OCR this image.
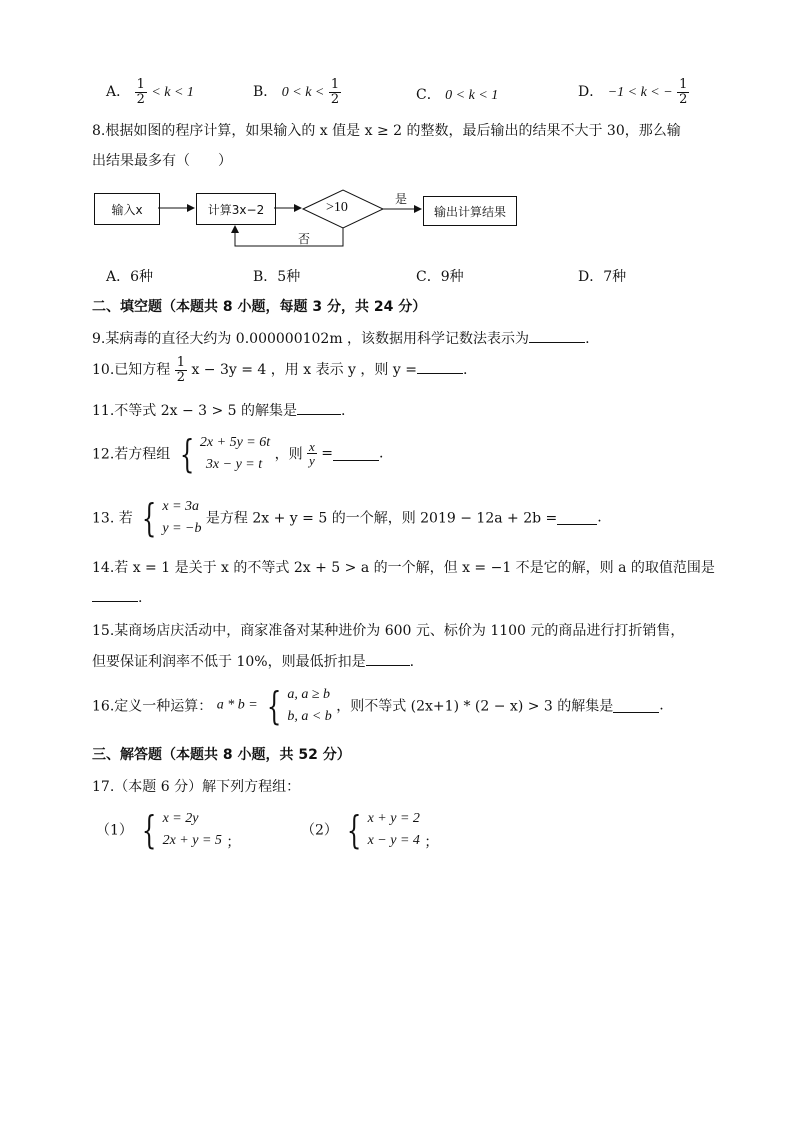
A． $\frac{1}{2} < k < 1$	B． $0 < k < \frac{1}{2}$	C． 0 < k < 1	D． −1 < k < − $\frac{1}{2}$
8.根据如图的程序计算，如果输入的 x 值是 x ≥ 2 的整数，最后输出的结果不大于 30，那么输
出结果最多有（　　）
输入x	计算3x−2	输出计算结果
>10
是
否
A．6种	B．5种	C．9种	D．7种
二、填空题（本题共 8 小题，每题 3 分，共 24 分）
9.某病毒的直径大约为 0.000000102m ，该数据用科学记数法表示为	.
10.已知方程 $\frac{1}{2}$ x − 3y = 4 ，用 x 表示 y ，则 y =	.
11.不等式 2x − 3 > 5 的解集是	.
12.若方程组 { 2x + 5y = 6t
3x − y = t
，则 $\frac{x}{y}$ =	.
13. 若 { x = 3a
y = −b
是方程 2x + y = 5 的一个解，则 2019 − 12a + 2b =	.
14.若 x = 1 是关于 x 的不等式 2x + 5 > a 的一个解，但 x = −1 不是它的解，则 a 的取值范围是
.
15.某商场店庆活动中，商家准备对某种进价为 600 元、标价为 1100 元的商品进行打折销售，
但要保证利润率不低于 10%，则最低折扣是	.
16.定义一种运算： a * b = { a, a ≥ b
b, a < b
，则不等式 (2x+1) * (2 − x) > 3 的解集是	.
三、解答题（本题共 8 小题，共 52 分）
17.（本题 6 分）解下列方程组：
（1） { x = 2y
2x + y = 5 ；
（2） { x + y = 2
x − y = 4 ；
